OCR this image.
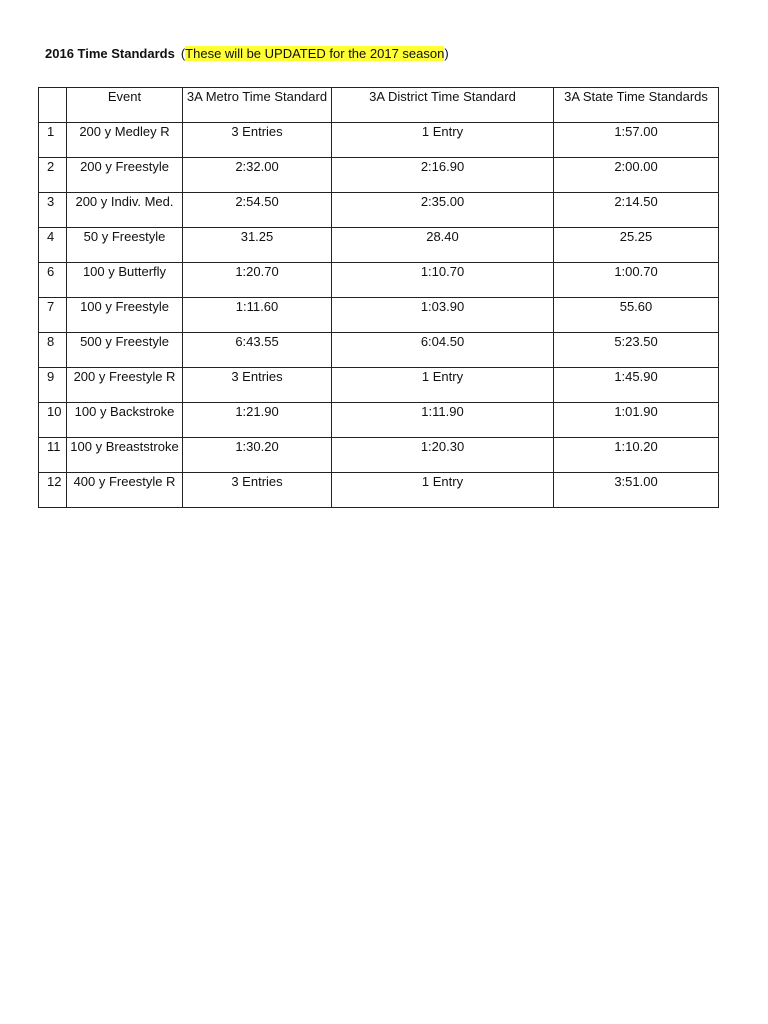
2016 Time Standards (These will be UPDATED for the 2017 season)
	Event	3A Metro Time Standard	3A District Time Standard	3A State Time Standards
1	200 y Medley R	3 Entries	1 Entry	1:57.00
2	200 y Freestyle	2:32.00	2:16.90	2:00.00
3	200 y Indiv. Med.	2:54.50	2:35.00	2:14.50
4	50 y Freestyle	31.25	28.40	25.25
6	100 y Butterfly	1:20.70	1:10.70	1:00.70
7	100 y Freestyle	1:11.60	1:03.90	55.60
8	500 y Freestyle	6:43.55	6:04.50	5:23.50
9	200 y Freestyle R	3 Entries	1 Entry	1:45.90
10	100 y Backstroke	1:21.90	1:11.90	1:01.90
11	100 y Breaststroke	1:30.20	1:20.30	1:10.20
12	400 y Freestyle R	3 Entries	1 Entry	3:51.00
